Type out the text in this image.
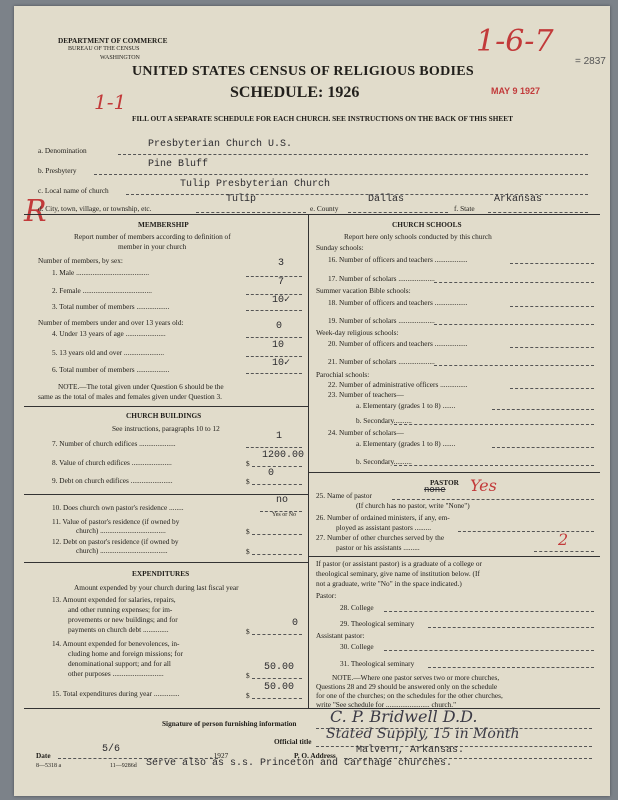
DEPARTMENT OF COMMERCE
BUREAU OF THE CENSUS
WASHINGTON
UNITED STATES CENSUS OF RELIGIOUS BODIES
SCHEDULE: 1926
FILL OUT A SEPARATE SCHEDULE FOR EACH CHURCH. SEE INSTRUCTIONS ON THE BACK OF THIS SHEET
MAY 9 1927
= 2837
1-6-7
1-1
R
a. Denomination
Presbyterian Church U.S.
b. Presbytery
Pine Bluff
c. Local name of church
Tulip Presbyterian Church
d. City, town, village, or township, etc.
Tulip
e. County
Dallas
f. State
Arkansas
MEMBERSHIP
Report number of members according to definition of
member in your church
Number of members, by sex:
1. Male ........................................
3
2. Female ......................................
7
3. Total number of members ..................
10✓
Number of members under and over 13 years old:
4. Under 13 years of age ......................
0
5. 13 years old and over ......................
10
6. Total number of members ..................
10✓
NOTE.—The total given under Question 6 should be the
same as the total of males and females given under Question 3.
CHURCH BUILDINGS
See instructions, paragraphs 10 to 12
7. Number of church edifices ....................
1
8. Value of church edifices ......................	$
1200.00
9. Debt on church edifices .......................	$
0
10. Does church own pastor's residence ........
no
Yes or No
11. Value of pastor's residence (if owned by
church) ....................................	$
12. Debt on pastor's residence (if owned by
church) .....................................	$
EXPENDITURES
Amount expended by your church during last fiscal year
13. Amount expended for salaries, repairs,
and other running expenses; for im-
provements or new buildings; and for
payments on church debt ..............	$
0
14. Amount expended for benevolences, in-
cluding home and foreign missions; for
denominational support; and for all
other purposes ............................	$
50.00
15. Total expenditures during year ..............	$
50.00
CHURCH SCHOOLS
Report here only schools conducted by this church
Sunday schools:
16. Number of officers and teachers ..................
17. Number of scholars ....................
Summer vacation Bible schools:
18. Number of officers and teachers ..................
19. Number of scholars ....................
Week-day religious schools:
20. Number of officers and teachers ..................
21. Number of scholars ....................
Parochial schools:
22. Number of administrative officers ...............
23. Number of teachers—
a. Elementary (grades 1 to 8) .......
b. Secondary..........
24. Number of scholars—
a. Elementary (grades 1 to 8) .......
b. Secondary..........
PASTOR
25. Name of pastor
none Yes
(If church has no pastor, write "None")
26. Number of ordained ministers, if any, em-
ployed as assistant pastors .........
27. Number of other churches served by the
pastor or his assistants .........	2
If pastor (or assistant pastor) is a graduate of a college or
theological seminary, give name of institution below. (If
not a graduate, write "No" in the space indicated.)
Pastor:
28. College
29. Theological seminary
Assistant pastor:
30. College
31. Theological seminary
NOTE.—Where one pastor serves two or more churches,
Questions 28 and 29 should be answered only on the schedule
for one of the churches; on the schedules for the other churches,
write "See schedule for ........................ church."
Signature of person furnishing information C. P. Bridwell D.D.
Official title Stated Supply, 15 in Month
Date
5/6
, 1927	P. O. Address Malvern, Arkansas.
8—5318 a	11—9286d Serve also as s.s. Princeton and Carthage churches.
